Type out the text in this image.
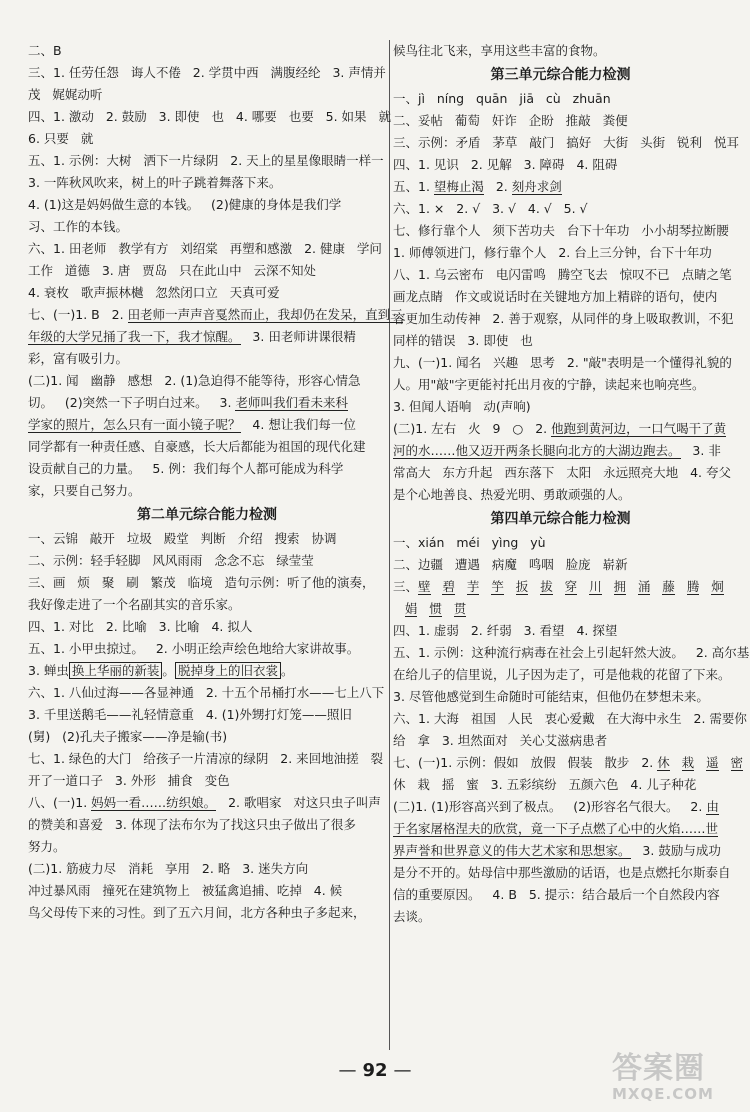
二、B
三、1. 任劳任怨   诲人不倦   2. 学贯中西   满腹经纶   3. 声情并
茂   娓娓动听
四、1. 激动   2. 鼓励   3. 即使   也   4. 哪要   也要   5. 如果   就
6. 只要   就
五、1. 示例：大树   洒下一片绿阴   2. 天上的星星像眼睛一样一
3. 一阵秋风吹来，树上的叶子跳着舞落下来。
4. (1)这是妈妈做生意的本钱。   (2)健康的身体是我们学
习、工作的本钱。
六、1. 田老师   教学有方   刘绍棠   再塑和感激   2. 健康   学问
工作   道德   3. 唐   贾岛   只在此山中   云深不知处
4. 衰枚   歌声振林樾   忽然闭口立   天真可爱
七、(一)1. B   2. 田老师一声声音戛然而止，我却仍在发呆，直到三
年级的大学兄捅了我一下，我才惊醒。   3. 田老师讲课很精
彩，富有吸引力。
(二)1. 闻   幽静   感想   2. (1)急迫得不能等待，形容心情急
切。   (2)突然一下子明白过来。   3. 老师叫我们看未来科
学家的照片，怎么只有一面小镜子呢？   4. 想让我们每一位
同学都有一种责任感、自豪感，长大后都能为祖国的现代化建
设贡献自己的力量。   5. 例：我们每个人都可能成为科学
家，只要自己努力。
第二单元综合能力检测
一、云锦   敲开   垃圾   殿堂   判断   介绍   搜索   协调
二、示例：轻手轻脚   风风雨雨   念念不忘   绿莹莹
三、画   烦   聚   刷   繁茂   临境   造句示例：听了他的演奏，
我好像走进了一个名副其实的音乐家。
四、1. 对比   2. 比喻   3. 比喻   4. 拟人
五、1. 小甲虫掠过。   2. 小明正绘声绘色地给大家讲故事。
3. 蝉虫 换上华丽的新装 。 脱掉身上的旧衣裳 。
六、1. 八仙过海——各显神通   2. 十五个吊桶打水——七上八下
3. 千里送鹅毛——礼轻情意重   4. (1)外甥打灯笼——照旧
(舅)   (2)孔夫子搬家——净是输(书)
七、1. 绿色的大门   给孩子一片清凉的绿阴   2. 来回地油搓   裂
开了一道口子   3. 外形   捕食   变色
八、(一)1. 妈妈一看……纺织娘。   2. 歌唱家   对这只虫子叫声
的赞美和喜爱   3. 体现了法布尔为了找这只虫子做出了很多
努力。
(二)1. 筋疲力尽   消耗   享用   2. 略   3. 迷失方向
冲过暴风雨   撞死在建筑物上   被猛禽追捕、吃掉   4. 候
鸟父母传下来的习性。到了五六月间，北方各种虫子多起来，
候鸟往北飞来，享用这些丰富的食物。
第三单元综合能力检测
一、jì   níng   quān   jiā   cù   zhuān
二、妥帖   葡萄   奸诈   企盼   推敲   粪便
三、示例：矛盾   茅草   敲门   搞好   大街   头街   锐利   悦耳
四、1. 见识   2. 见解   3. 障碍   4. 阻碍
五、1. 望梅止渴   2. 刻舟求剑
六、1. ×   2. √   3. √   4. √   5. √
七、修行靠个人   须下苦功夫   台下十年功   小小胡琴拉断腰
1. 师傅领进门，修行靠个人   2. 台上三分钟，台下十年功
八、1. 乌云密布   电闪雷鸣   腾空飞去   惊叹不已   点睛之笔
画龙点睛   作文或说话时在关键地方加上精辟的语句，使内
容更加生动传神   2. 善于观察，从同伴的身上吸取教训，不犯
同样的错误   3. 即使   也
九、(一)1. 闻名   兴趣   思考   2. "敲"表明是一个懂得礼貌的
人。用"敲"字更能衬托出月夜的宁静，读起来也响亮些。
3. 但闻人语响   动(声响)
(二)1. 左右   火   9   ○   2. 他跑到黄河边，一口气喝干了黄
河的水……他又迈开两条长腿向北方的大湖边跑去。   3. 非
常高大   东方升起   西东落下   太阳   永远照亮大地   4. 夸父
是个心地善良、热爱光明、勇敢顽强的人。
第四单元综合能力检测
一、xián   méi   yìng   yù
二、边疆   遭遇   病魔   鸣咽   脸庞   崭新
三、壁 碧 芋 竽 扳 拔 穿 川 拥 涌 藤 腾 炯
娟 惯 贯
四、1. 虚弱   2. 纤弱   3. 看望   4. 探望
五、1. 示例：这种流行病毒在社会上引起轩然大波。   2. 高尔基
在给儿子的信里说，儿子因为走了，可是他栽的花留了下来。
3. 尽管他感觉到生命随时可能结束，但他仍在梦想未来。
六、1. 大海   祖国   人民   衷心爱戴   在大海中永生   2. 需要你
给   拿   3. 坦然面对   关心艾滋病患者
七、(一)1. 示例：假如   放假   假装   散步   2. 休 栽 遥 密
休   栽   摇   蜜   3. 五彩缤纷   五颜六色   4. 儿子种花
(二)1. (1)形容高兴到了极点。   (2)形容名气很大。   2. 由
于名家屠格涅夫的欣赏，竟一下子点燃了心中的火焰……世
界声誉和世界意义的伟大艺术家和思想家。   3. 鼓励与成功
是分不开的。姑母信中那些激励的话语，也是点燃托尔斯泰自
信的重要原因。   4. B   5. 提示：结合最后一个自然段内容
去谈。
— 92 —	答案圈
MXQE.COM
